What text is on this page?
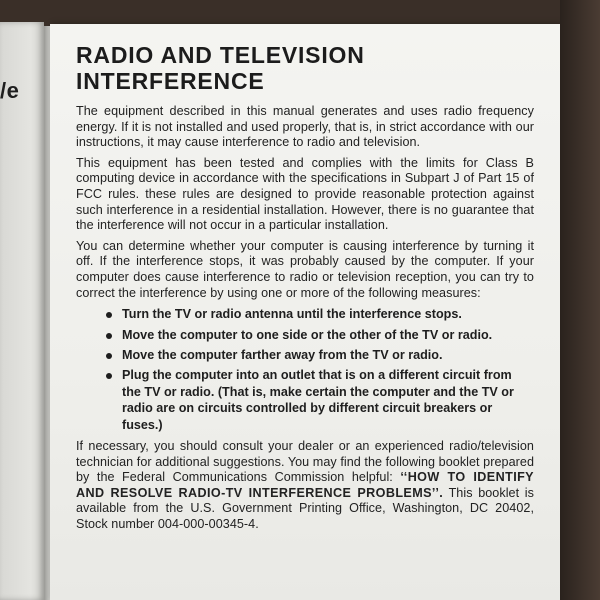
/e
RADIO AND TELEVISION INTERFERENCE

The equipment described in this manual generates and uses radio frequency energy. If it is not installed and used properly, that is, in strict accordance with our instructions, it may cause interference to radio and television.

This equipment has been tested and complies with the limits for Class B computing device in accordance with the specifications in Subpart J of Part 15 of FCC rules. these rules are designed to provide reasonable protection against such interference in a residential installation. However, there is no guarantee that the interference will not occur in a particular installation.

You can determine whether your computer is causing interference by turning it off. If the interference stops, it was probably caused by the computer. If your computer does cause interference to radio or television reception, you can try to correct the interference by using one or more of the following measures:

Turn the TV or radio antenna until the interference stops.
Move the computer to one side or the other of the TV or radio.
Move the computer farther away from the TV or radio.
Plug the computer into an outlet that is on a different circuit from the TV or radio. (That is, make certain the computer and the TV or radio are on circuits controlled by different circuit breakers or fuses.)

If necessary, you should consult your dealer or an experienced radio/television technician for additional suggestions. You may find the following booklet prepared by the Federal Communications Commission helpful: ‘‘HOW TO IDENTIFY AND RESOLVE RADIO-TV INTERFERENCE PROBLEMS’’. This booklet is available from the U.S. Government Printing Office, Washington, DC 20402, Stock number 004-000-00345-4.
